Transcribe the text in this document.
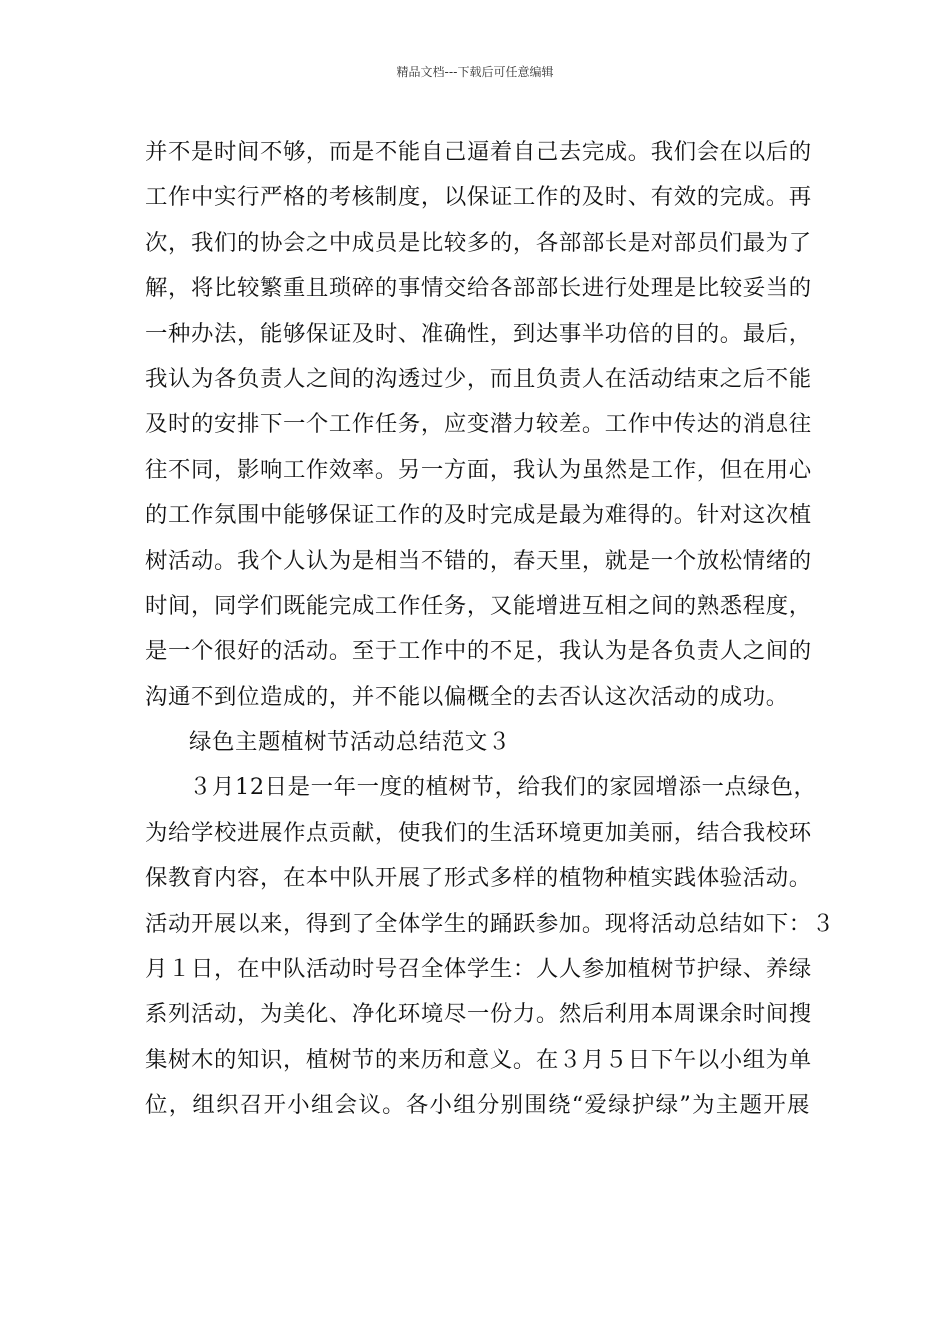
精品文档---下载后可任意编辑
并不是时间不够，而是不能自己逼着自己去完成。我们会在以后的
工作中实行严格的考核制度，以保证工作的及时、有效的完成。再
次，我们的协会之中成员是比较多的，各部部长是对部员们最为了
解，将比较繁重且琐碎的事情交给各部部长进行处理是比较妥当的
一种办法，能够保证及时、准确性，到达事半功倍的目的。最后，
我认为各负责人之间的沟透过少，而且负责人在活动结束之后不能
及时的安排下一个工作任务，应变潜力较差。工作中传达的消息往
往不同，影响工作效率。另一方面，我认为虽然是工作，但在用心
的工作氛围中能够保证工作的及时完成是最为难得的。针对这次植
树活动。我个人认为是相当不错的，春天里，就是一个放松情绪的
时间，同学们既能完成工作任务，又能增进互相之间的熟悉程度，
是一个很好的活动。至于工作中的不足，我认为是各负责人之间的
沟通不到位造成的，并不能以偏概全的去否认这次活动的成功。
绿色主题植树节活动总结范文３
３月12日是一年一度的植树节，给我们的家园增添一点绿色，
为给学校进展作点贡献，使我们的生活环境更加美丽，结合我校环
保教育内容，在本中队开展了形式多样的植物种植实践体验活动。
活动开展以来，得到了全体学生的踊跃参加。现将活动总结如下：３
月１日，在中队活动时号召全体学生：人人参加植树节护绿、养绿
系列活动，为美化、净化环境尽一份力。然后利用本周课余时间搜
集树木的知识，植树节的来历和意义。在３月５日下午以小组为单
位，组织召开小组会议。各小组分别围绕“爱绿护绿”为主题开展
